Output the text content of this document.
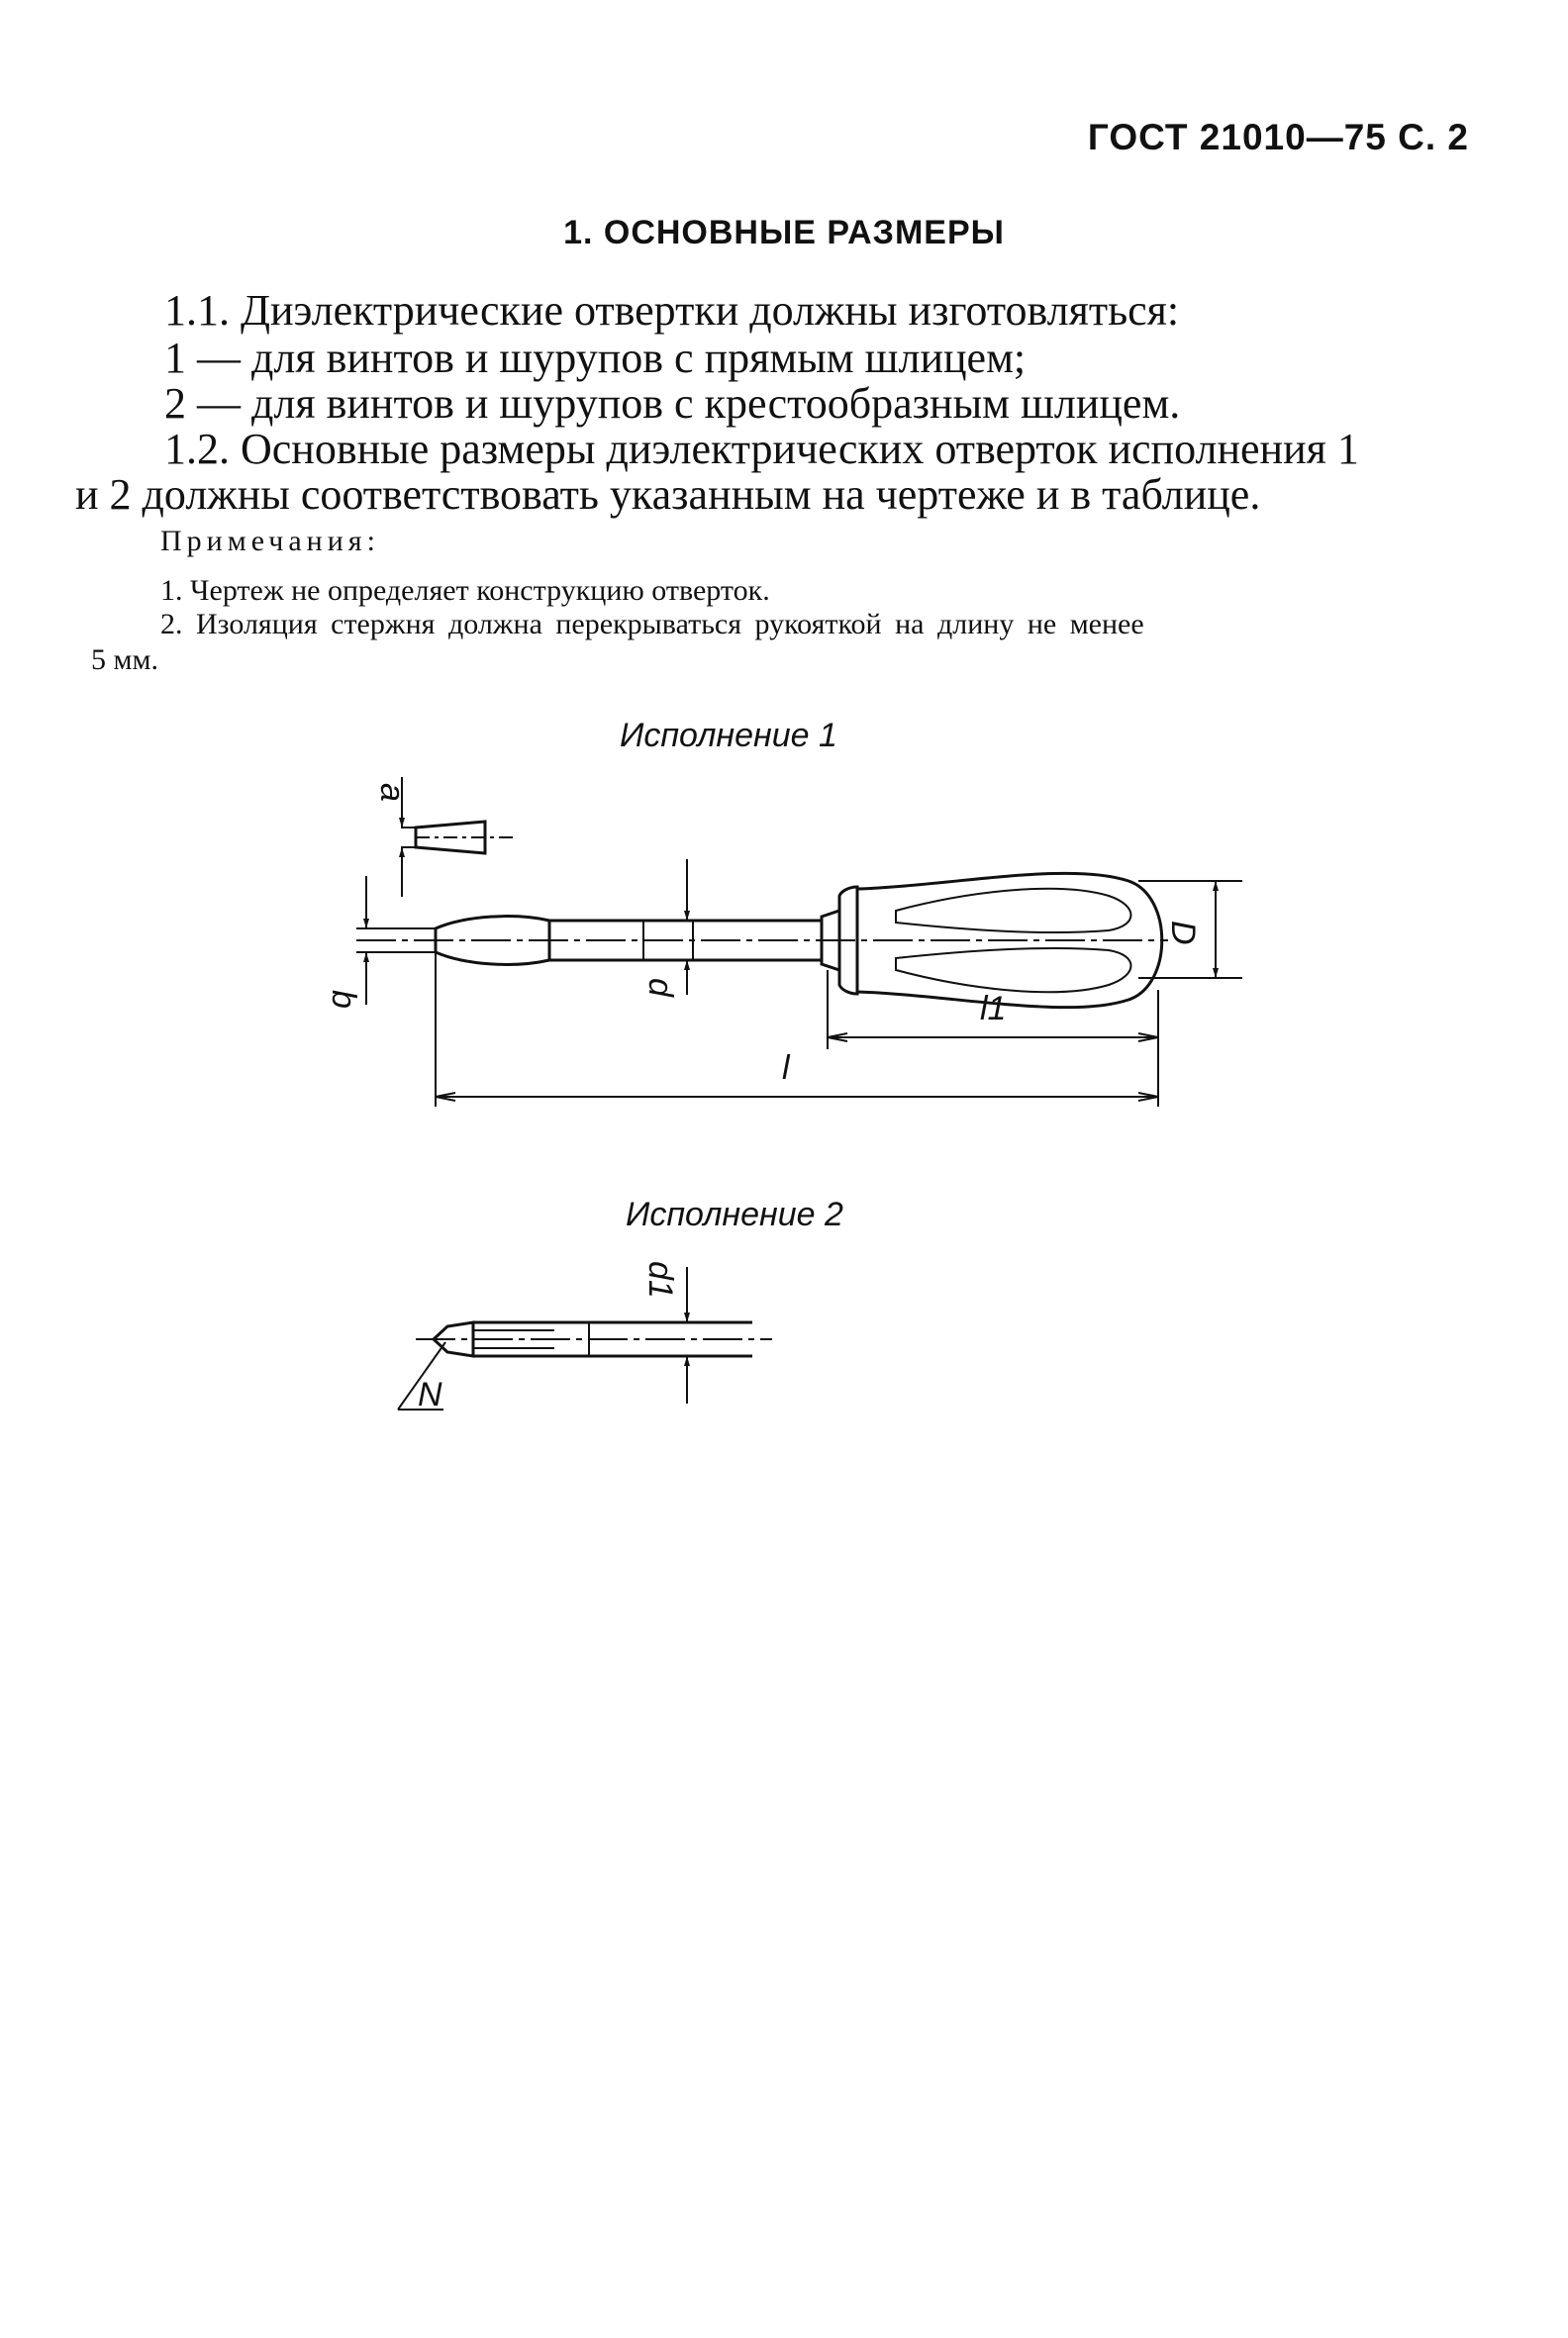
ГОСТ 21010—75 С. 2
1. ОСНОВНЫЕ РАЗМЕРЫ
1.1. Диэлектрические отвертки должны изготовляться:
1 — для винтов и шурупов с прямым шлицем;
2 — для винтов и шурупов с крестообразным шлицем.
1.2. Основные размеры диэлектрических отверток исполнения 1
и 2 должны соответствовать указанным на чертеже и в таблице.
Примечания:
1. Чертеж не определяет конструкцию отверток.
2. Изоляция стержня должна перекрываться рукояткой на длину не менее
5 мм.
Исполнение 1
Исполнение 2
a
b
d
D
l1
l
d1
N
